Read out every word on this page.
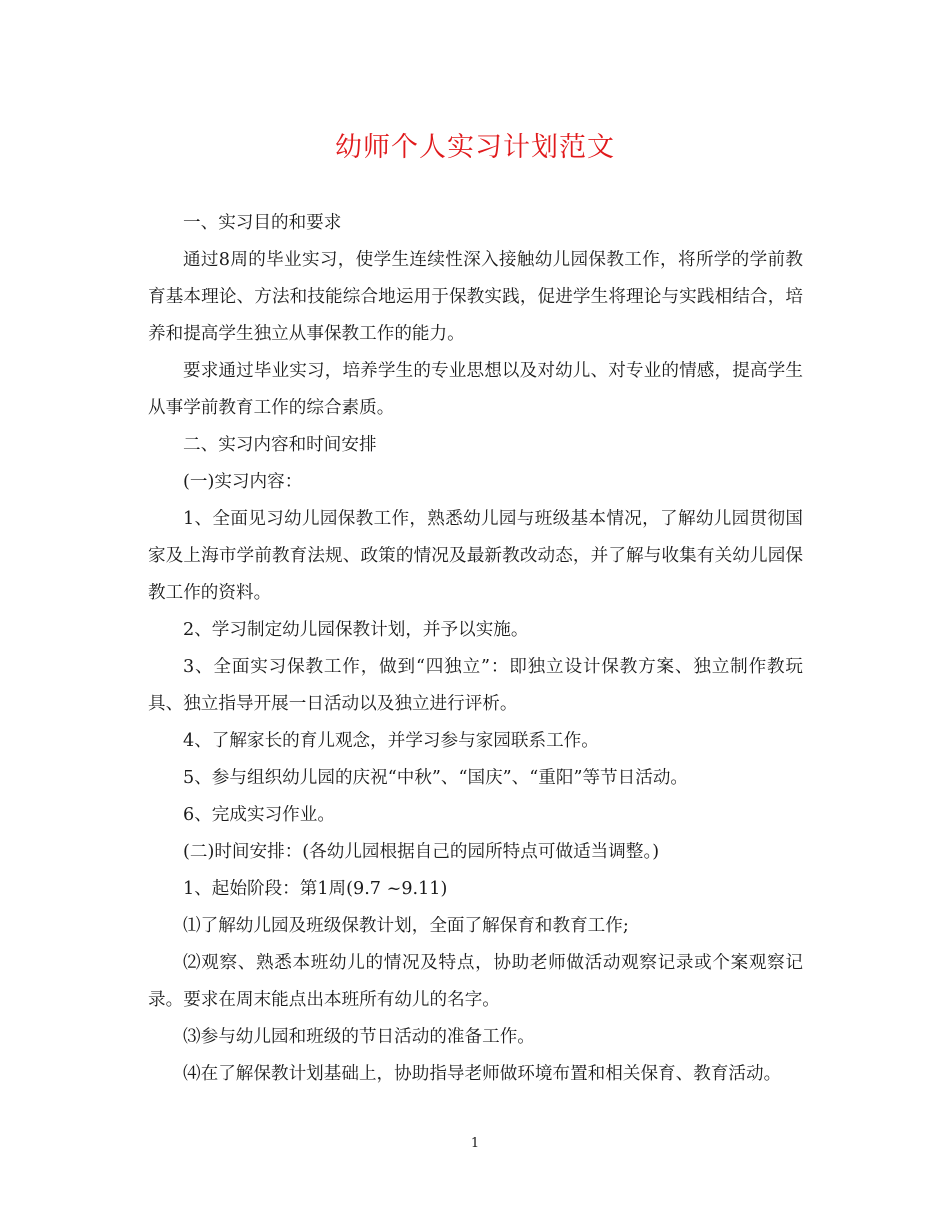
幼师个人实习计划范文

一、实习目的和要求

通过8周的毕业实习，使学生连续性深入接触幼儿园保教工作，将所学的学前教育基本理论、方法和技能综合地运用于保教实践，促进学生将理论与实践相结合，培养和提高学生独立从事保教工作的能力。

要求通过毕业实习，培养学生的专业思想以及对幼儿、对专业的情感，提高学生从事学前教育工作的综合素质。

二、实习内容和时间安排

(一)实习内容：

1、全面见习幼儿园保教工作，熟悉幼儿园与班级基本情况，了解幼儿园贯彻国家及上海市学前教育法规、政策的情况及最新教改动态，并了解与收集有关幼儿园保教工作的资料。

2、学习制定幼儿园保教计划，并予以实施。

3、全面实习保教工作，做到“四独立”：即独立设计保教方案、独立制作教玩具、独立指导开展一日活动以及独立进行评析。

4、了解家长的育儿观念，并学习参与家园联系工作。

5、参与组织幼儿园的庆祝“中秋”、“国庆”、“重阳”等节日活动。

6、完成实习作业。

(二)时间安排：(各幼儿园根据自己的园所特点可做适当调整。)

1、起始阶段：第1周(9.7 ~9.11)

⑴了解幼儿园及班级保教计划，全面了解保育和教育工作;

⑵观察、熟悉本班幼儿的情况及特点，协助老师做活动观察记录或个案观察记录。要求在周末能点出本班所有幼儿的名字。

⑶参与幼儿园和班级的节日活动的准备工作。

⑷在了解保教计划基础上，协助指导老师做环境布置和相关保育、教育活动。

1
